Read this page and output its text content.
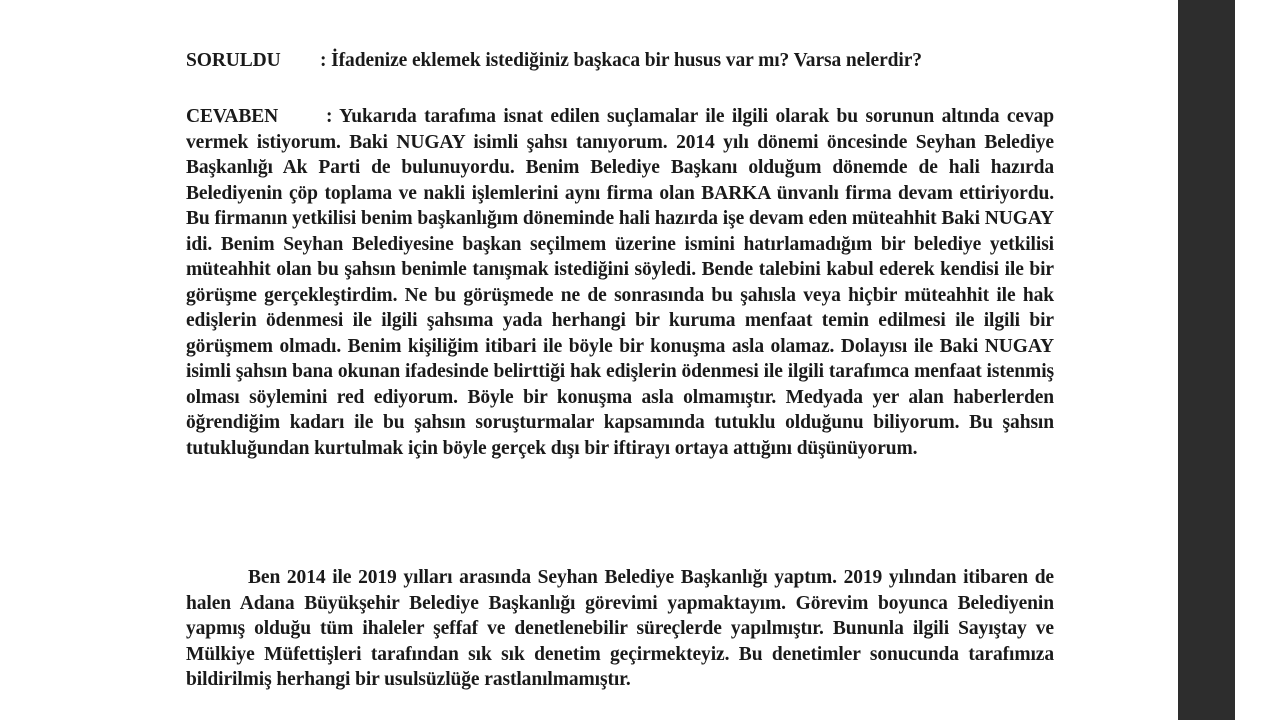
SORULDU : İfadenize eklemek istediğiniz başkaca bir husus var mı? Varsa nelerdir?
CEVABEN : Yukarıda tarafıma isnat edilen suçlamalar ile ilgili olarak bu sorunun altında cevap vermek istiyorum. Baki NUGAY isimli şahsı tanıyorum. 2014 yılı dönemi öncesinde Seyhan Belediye Başkanlığı Ak Parti de bulunuyordu. Benim Belediye Başkanı olduğum dönemde de hali hazırda Belediyenin çöp toplama ve nakli işlemlerini aynı firma olan BARKA ünvanlı firma devam ettiriyordu. Bu firmanın yetkilisi benim başkanlığım döneminde hali hazırda işe devam eden müteahhit Baki NUGAY idi. Benim Seyhan Belediyesine başkan seçilmem üzerine ismini hatırlamadığım bir belediye yetkilisi müteahhit olan bu şahsın benimle tanışmak istediğini söyledi. Bende talebini kabul ederek kendisi ile bir görüşme gerçekleştirdim. Ne bu görüşmede ne de sonrasında bu şahısla veya hiçbir müteahhit ile hak edişlerin ödenmesi ile ilgili şahsıma yada herhangi bir kuruma menfaat temin edilmesi ile ilgili bir görüşmem olmadı. Benim kişiliğim itibari ile böyle bir konuşma asla olamaz. Dolayısı ile Baki NUGAY isimli şahsın bana okunan ifadesinde belirttiği hak edişlerin ödenmesi ile ilgili tarafımca menfaat istenmiş olması söylemini red ediyorum. Böyle bir konuşma asla olmamıştır. Medyada yer alan haberlerden öğrendiğim kadarı ile bu şahsın soruşturmalar kapsamında tutuklu olduğunu biliyorum. Bu şahsın tutukluğundan kurtulmak için böyle gerçek dışı bir iftirayı ortaya attığını düşünüyorum.
Ben 2014 ile 2019 yılları arasında Seyhan Belediye Başkanlığı yaptım. 2019 yılından itibaren de halen Adana Büyükşehir Belediye Başkanlığı görevimi yapmaktayım. Görevim boyunca Belediyenin yapmış olduğu tüm ihaleler şeffaf ve denetlenebilir süreçlerde yapılmıştır. Bununla ilgili Sayıştay ve Mülkiye Müfettişleri tarafından sık sık denetim geçirmekteyiz. Bu denetimler sonucunda tarafımıza bildirilmiş herhangi bir usulsüzlüğe rastlanılmamıştır.
